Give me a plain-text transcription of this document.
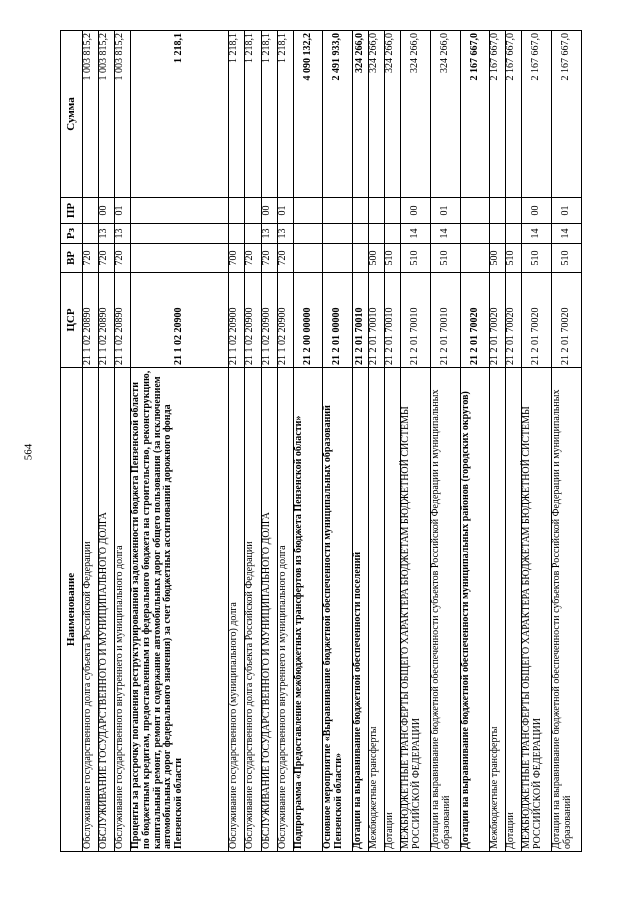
564
Наименование	ЦСР	ВР	Рз	ПР	Сумма
Обслуживание государственного долга субъекта Российской Федерации	21 1 02 20890	720			1 003 815,2
ОБСЛУЖИВАНИЕ ГОСУДАРСТВЕННОГО И МУНИЦИПАЛЬНОГО ДОЛГА	21 1 02 20890	720	13	00	1 003 815,2
Обслуживание государственного внутреннего и муниципального долга	21 1 02 20890	720	13	01	1 003 815,2
Проценты за рассрочку погашения реструктурированной задолженности бюджета Пензенской области по бюджетным кредитам, предоставленным из федерального бюджета на строительство, реконструкцию, капитальный ремонт, ремонт и содержание автомобильных дорог общего пользования (за исключением автомобильных дорог федерального значения) за счет бюджетных ассигнований дорожного фонда Пензенской области	21 1 02 20900				1 218,1
Обслуживание государственного (муниципального) долга	21 1 02 20900	700			1 218,1
Обслуживание государственного долга субъекта Российской Федерации	21 1 02 20900	720			1 218,1
ОБСЛУЖИВАНИЕ ГОСУДАРСТВЕННОГО И МУНИЦИПАЛЬНОГО ДОЛГА	21 1 02 20900	720	13	00	1 218,1
Обслуживание государственного внутреннего и муниципального долга	21 1 02 20900	720	13	01	1 218,1
Подпрограмма «Предоставление межбюджетных трансфертов из бюджета Пензенской области»	21 2 00 00000				4 090 132,2
Основное мероприятие «Выравнивание бюджетной обеспеченности муниципальных образований Пензенской области»	21 2 01 00000				2 491 933,0
Дотации на выравнивание бюджетной обеспеченности поселений	21 2 01 70010				324 266,0
Межбюджетные трансферты	21 2 01 70010	500			324 266,0
Дотации	21 2 01 70010	510			324 266,0
МЕЖБЮДЖЕТНЫЕ ТРАНСФЕРТЫ ОБЩЕГО ХАРАКТЕРА БЮДЖЕТАМ БЮДЖЕТНОЙ СИСТЕМЫ РОССИЙСКОЙ ФЕДЕРАЦИИ	21 2 01 70010	510	14	00	324 266,0
Дотации на выравнивание бюджетной обеспеченности субъектов Российской Федерации и муниципальных образований	21 2 01 70010	510	14	01	324 266,0
Дотации на выравнивание бюджетной обеспеченности муниципальных районов (городских округов)	21 2 01 70020				2 167 667,0
Межбюджетные трансферты	21 2 01 70020	500			2 167 667,0
Дотации	21 2 01 70020	510			2 167 667,0
МЕЖБЮДЖЕТНЫЕ ТРАНСФЕРТЫ ОБЩЕГО ХАРАКТЕРА БЮДЖЕТАМ БЮДЖЕТНОЙ СИСТЕМЫ РОССИЙСКОЙ ФЕДЕРАЦИИ	21 2 01 70020	510	14	00	2 167 667,0
Дотации на выравнивание бюджетной обеспеченности субъектов Российской Федерации и муниципальных образований	21 2 01 70020	510	14	01	2 167 667,0
